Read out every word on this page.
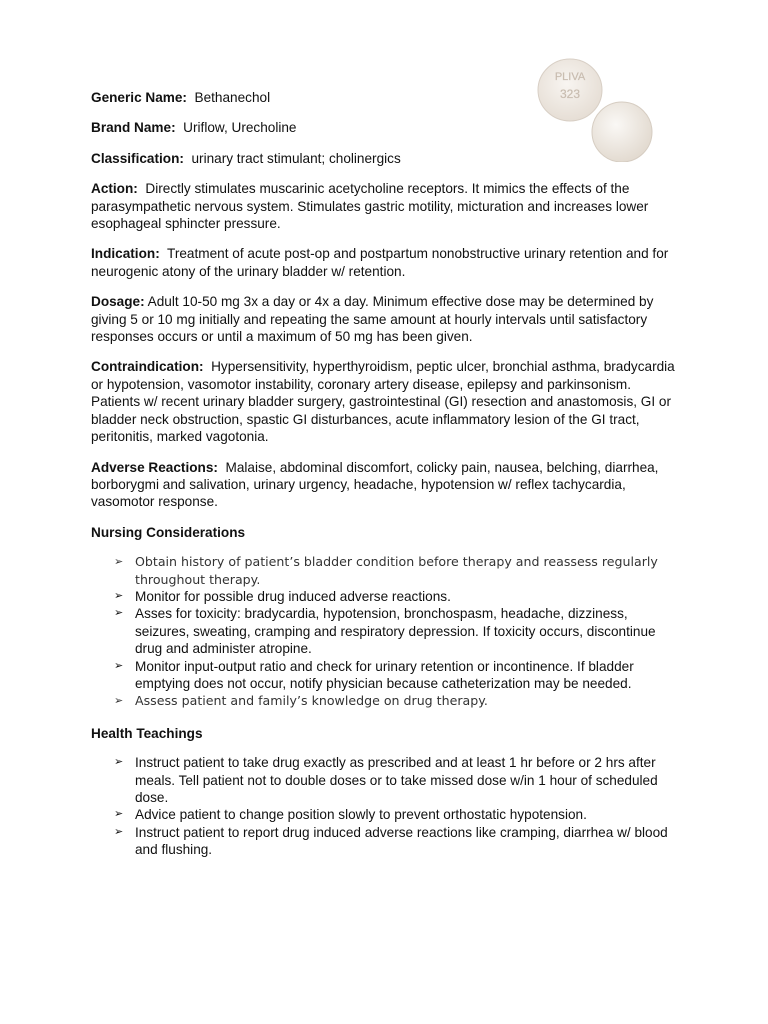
PLIVA
323
Generic Name: Bethanechol
Brand Name: Uriflow, Urecholine
Classification: urinary tract stimulant; cholinergics
Action: Directly stimulates muscarinic acetycholine receptors. It mimics the effects of the parasympathetic nervous system. Stimulates gastric motility, micturation and increases lower esophageal sphincter pressure.
Indication: Treatment of acute post-op and postpartum nonobstructive urinary retention and for neurogenic atony of the urinary bladder w/ retention.
Dosage: Adult 10-50 mg 3x a day or 4x a day. Minimum effective dose may be determined by giving 5 or 10 mg initially and repeating the same amount at hourly intervals until satisfactory responses occurs or until a maximum of 50 mg has been given.
Contraindication: Hypersensitivity, hyperthyroidism, peptic ulcer, bronchial asthma, bradycardia or hypotension, vasomotor instability, coronary artery disease, epilepsy and parkinsonism. Patients w/ recent urinary bladder surgery, gastrointestinal (GI) resection and anastomosis, GI or bladder neck obstruction, spastic GI disturbances, acute inflammatory lesion of the GI tract, peritonitis, marked vagotonia.
Adverse Reactions: Malaise, abdominal discomfort, colicky pain, nausea, belching, diarrhea, borborygmi and salivation, urinary urgency, headache, hypotension w/ reflex tachycardia, vasomotor response.
Nursing Considerations
➢ Obtain history of patient’s bladder condition before therapy and reassess regularly throughout therapy.
➢ Monitor for possible drug induced adverse reactions.
➢ Asses for toxicity: bradycardia, hypotension, bronchospasm, headache, dizziness, seizures, sweating, cramping and respiratory depression. If toxicity occurs, discontinue drug and administer atropine.
➢ Monitor input-output ratio and check for urinary retention or incontinence. If bladder emptying does not occur, notify physician because catheterization may be needed.
➢ Assess patient and family’s knowledge on drug therapy.
Health Teachings
➢ Instruct patient to take drug exactly as prescribed and at least 1 hr before or 2 hrs after meals. Tell patient not to double doses or to take missed dose w/in 1 hour of scheduled dose.
➢ Advice patient to change position slowly to prevent orthostatic hypotension.
➢ Instruct patient to report drug induced adverse reactions like cramping, diarrhea w/ blood and flushing.
